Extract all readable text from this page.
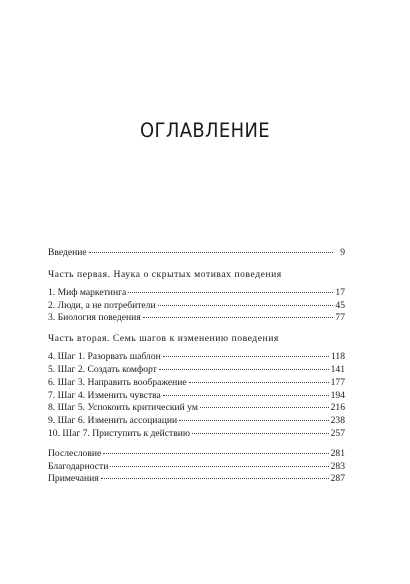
ОГЛАВЛЕНИЕ
Введение	9
Часть первая. Наука о скрытых мотивах поведения
1. Миф маркетинга	17
2. Люди, а не потребители	45
3. Биология поведения	77
Часть вторая. Семь шагов к изменению поведения
4. Шаг 1. Разорвать шаблон	118
5. Шаг 2. Создать комфорт	141
6. Шаг 3. Направить воображение	177
7. Шаг 4. Изменить чувства	194
8. Шаг 5. Успокоить критический ум	216
9. Шаг 6. Изменить ассоциации	238
10. Шаг 7. Приступить к действию	257
Послесловие	281
Благодарности	283
Примечания	287
